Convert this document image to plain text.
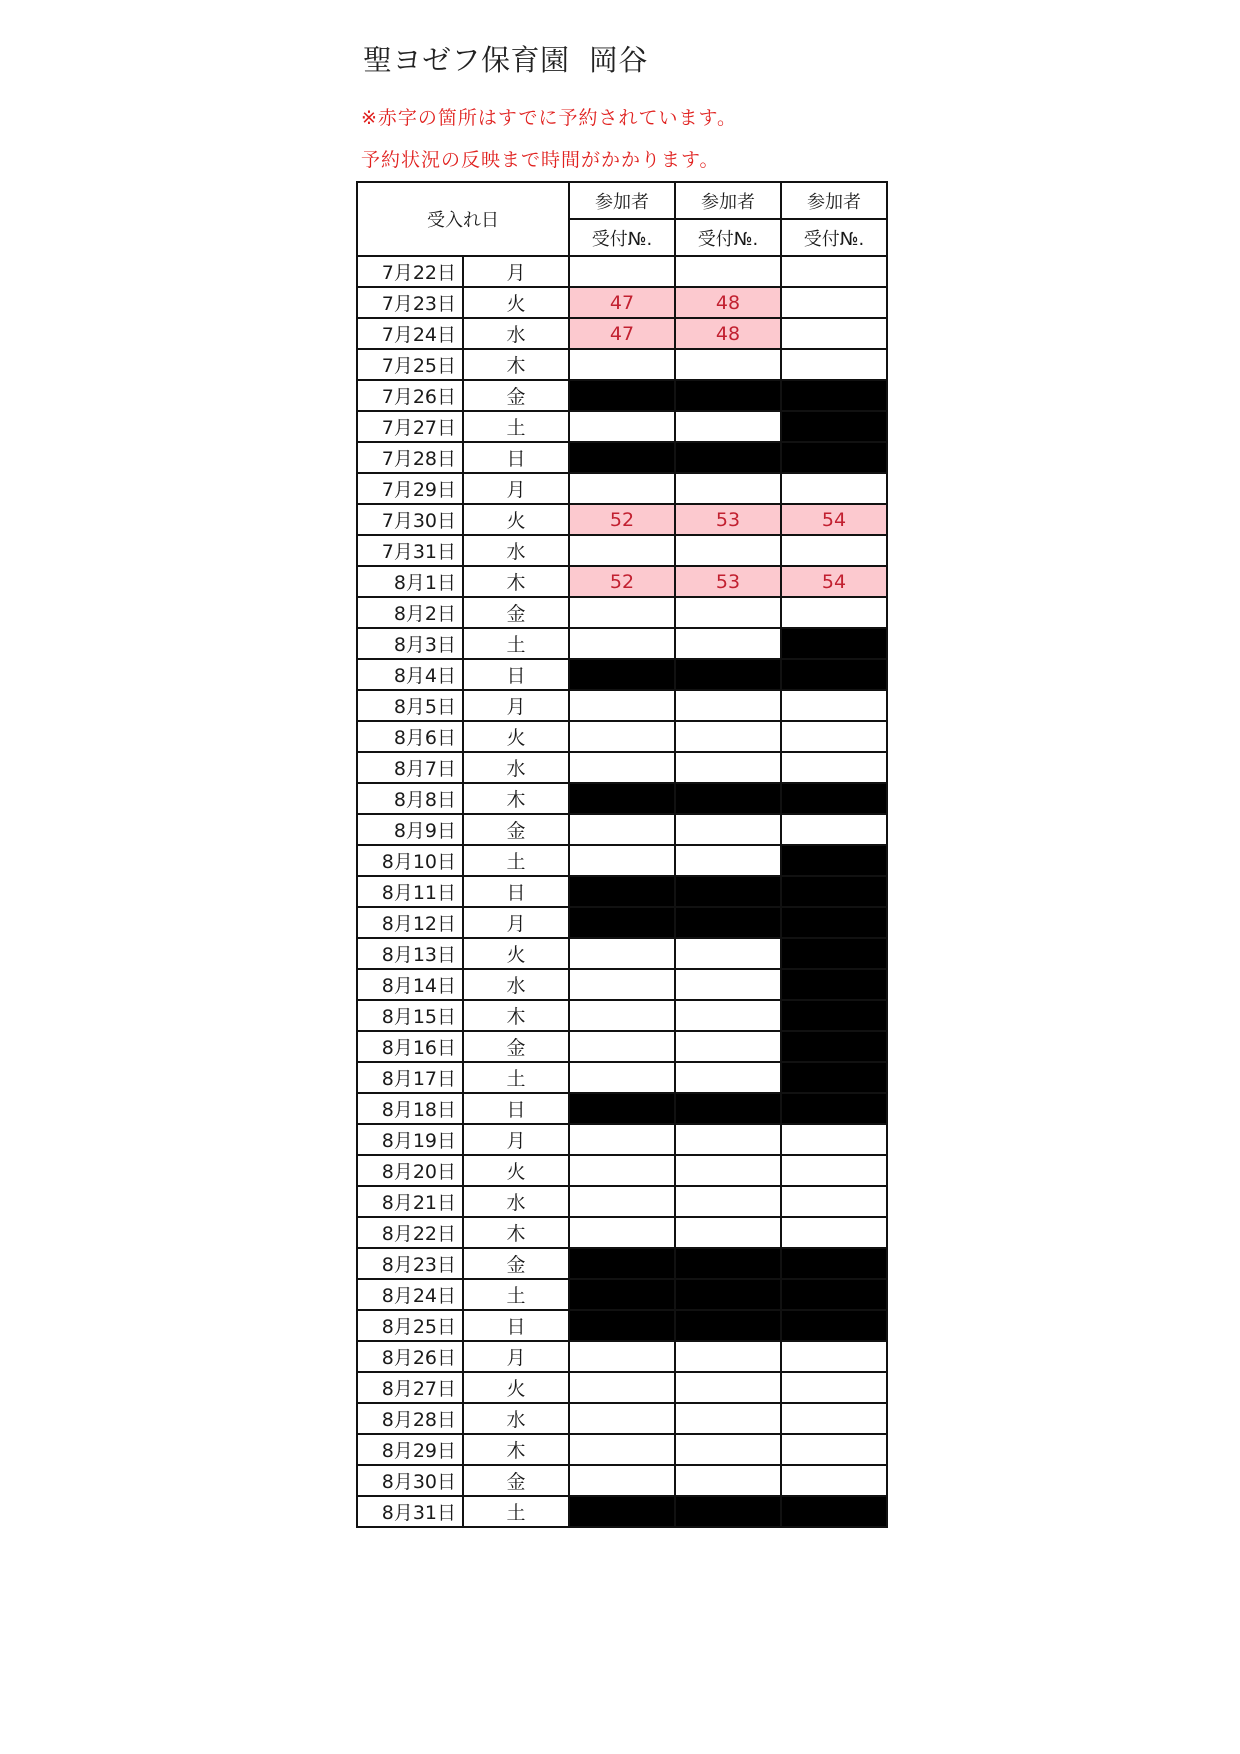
聖ヨゼフ保育園  岡谷
※赤字の箇所はすでに予約されています。
予約状況の反映まで時間がかかります。
受入れ日		参加者	参加者	参加者
		受付№.	受付№.	受付№.
7月22日	月			
7月23日	火	47	48	
7月24日	水	47	48	
7月25日	木			
7月26日	金			
7月27日	土			
7月28日	日			
7月29日	月			
7月30日	火	52	53	54
7月31日	水			
8月1日	木	52	53	54
8月2日	金			
8月3日	土			
8月4日	日			
8月5日	月			
8月6日	火			
8月7日	水			
8月8日	木			
8月9日	金			
8月10日	土			
8月11日	日			
8月12日	月			
8月13日	火			
8月14日	水			
8月15日	木			
8月16日	金			
8月17日	土			
8月18日	日			
8月19日	月			
8月20日	火			
8月21日	水			
8月22日	木			
8月23日	金			
8月24日	土			
8月25日	日			
8月26日	月			
8月27日	火			
8月28日	水			
8月29日	木			
8月30日	金			
8月31日	土			
